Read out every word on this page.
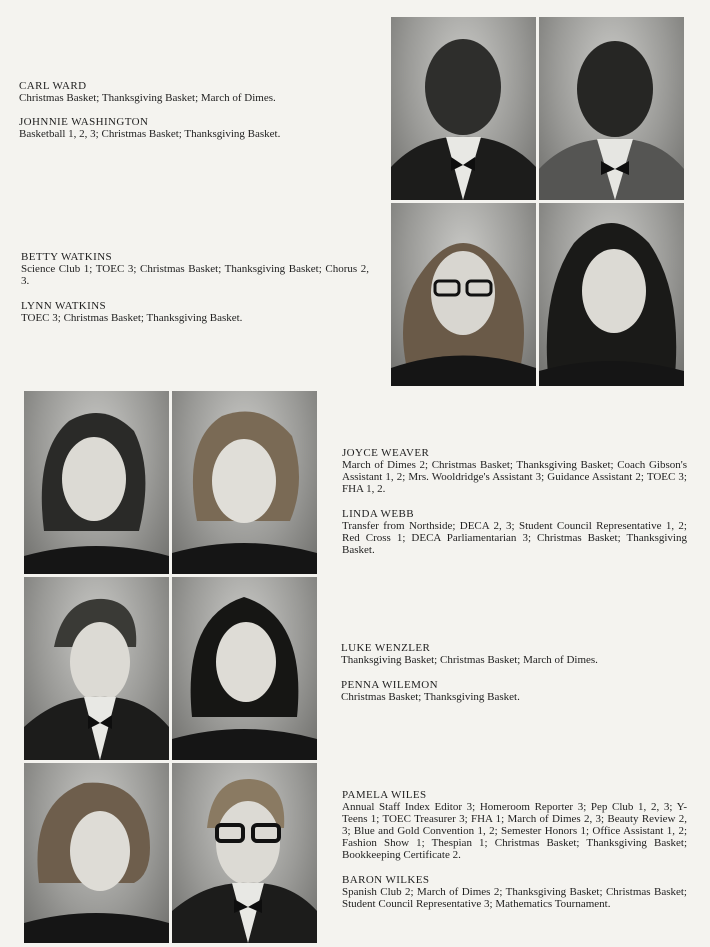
CARL WARD

Christmas Basket; Thanksgiving Basket; March of Dimes.

JOHNNIE WASHINGTON

Basketball 1, 2, 3; Christmas Basket; Thanksgiving Basket.

BETTY WATKINS

Science Club 1; TOEC 3; Christmas Basket; Thanksgiving Basket; Chorus 2, 3.

LYNN WATKINS

TOEC 3; Christmas Basket; Thanksgiving Basket.

JOYCE WEAVER

March of Dimes 2; Christmas Basket; Thanksgiving Basket; Coach Gibson's Assistant 1, 2; Mrs. Wooldridge's Assistant 3; Guidance Assistant 2; TOEC 3; FHA 1, 2.

LINDA WEBB

Transfer from Northside; DECA 2, 3; Student Council Representative 1, 2; Red Cross 1; DECA Parliamentarian 3; Christmas Basket; Thanksgiving Basket.

LUKE WENZLER

Thanksgiving Basket; Christmas Basket; March of Dimes.

PENNA WILEMON

Christmas Basket; Thanksgiving Basket.

PAMELA WILES

Annual Staff Index Editor 3; Homeroom Reporter 3; Pep Club 1, 2, 3; Y-Teens 1; TOEC Treasurer 3; FHA 1; March of Dimes 2, 3; Beauty Review 2, 3; Blue and Gold Convention 1, 2; Semester Honors 1; Office Assistant 1, 2; Fashion Show 1; Thespian 1; Christmas Basket; Thanksgiving Basket; Bookkeeping Certificate 2.

BARON WILKES

Spanish Club 2; March of Dimes 2; Thanksgiving Basket; Christmas Basket; Student Council Representative 3; Mathematics Tournament.
